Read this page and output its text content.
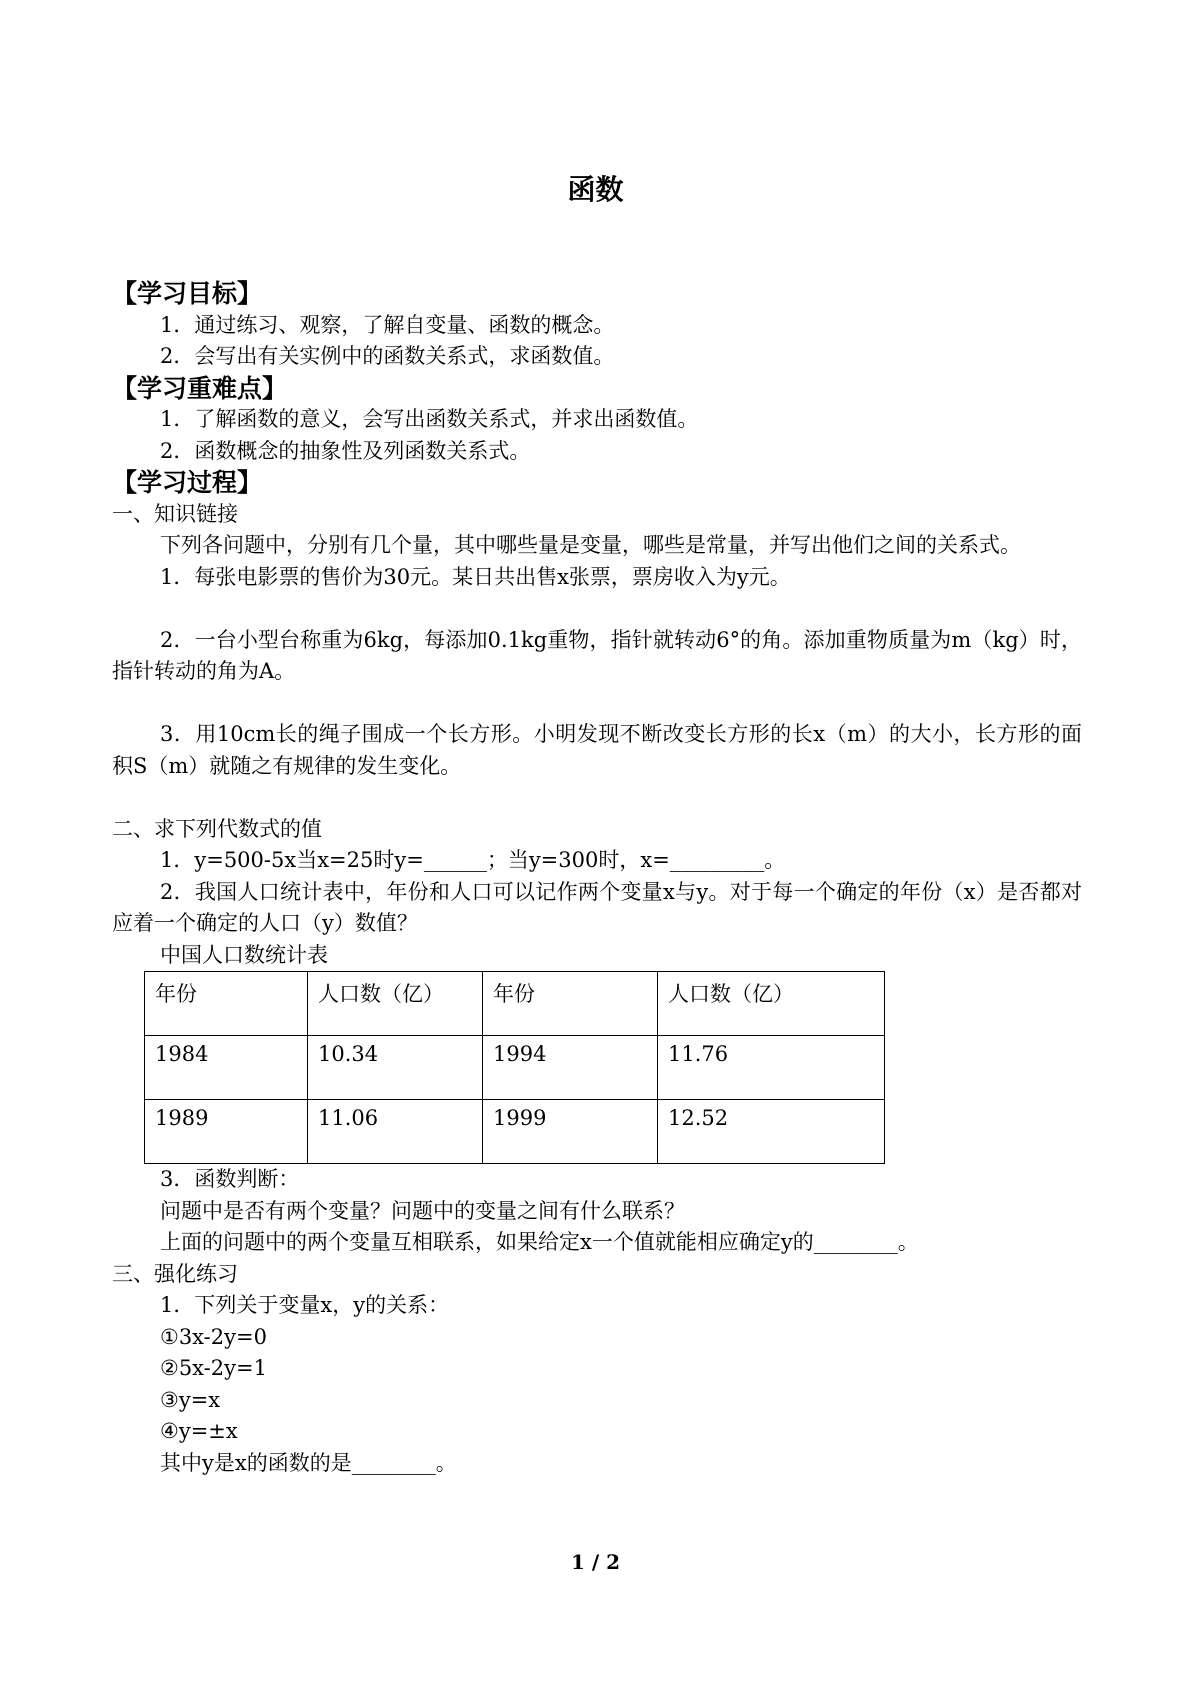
函数
【学习目标】
1．通过练习、观察，了解自变量、函数的概念。
2．会写出有关实例中的函数关系式，求函数值。
【学习重难点】
1．了解函数的意义，会写出函数关系式，并求出函数值。
2．函数概念的抽象性及列函数关系式。
【学习过程】
一、知识链接
下列各问题中，分别有几个量，其中哪些量是变量，哪些是常量，并写出他们之间的关系式。
1．每张电影票的售价为30元。某日共出售x张票，票房收入为y元。
2．一台小型台称重为6kg，每添加0.1kg重物，指针就转动6°的角。添加重物质量为m（kg）时，指针转动的角为A。
3．用10cm长的绳子围成一个长方形。小明发现不断改变长方形的长x（m）的大小，长方形的面积S（m）就随之有规律的发生变化。
二、求下列代数式的值
1．y=500-5x当x=25时y=______；当y=300时，x=_________。
2．我国人口统计表中，年份和人口可以记作两个变量x与y。对于每一个确定的年份（x）是否都对应着一个确定的人口（y）数值？
中国人口数统计表
年份	人口数（亿）	年份	人口数（亿）
1984	10.34	1994	11.76
1989	11.06	1999	12.52
3．函数判断：
问题中是否有两个变量？问题中的变量之间有什么联系？
上面的问题中的两个变量互相联系，如果给定x一个值就能相应确定y的________。
三、强化练习
1．下列关于变量x，y的关系：
①3x-2y=0
②5x-2y=1
③y=x
④y=±x
其中y是x的函数的是________。
1 / 2
